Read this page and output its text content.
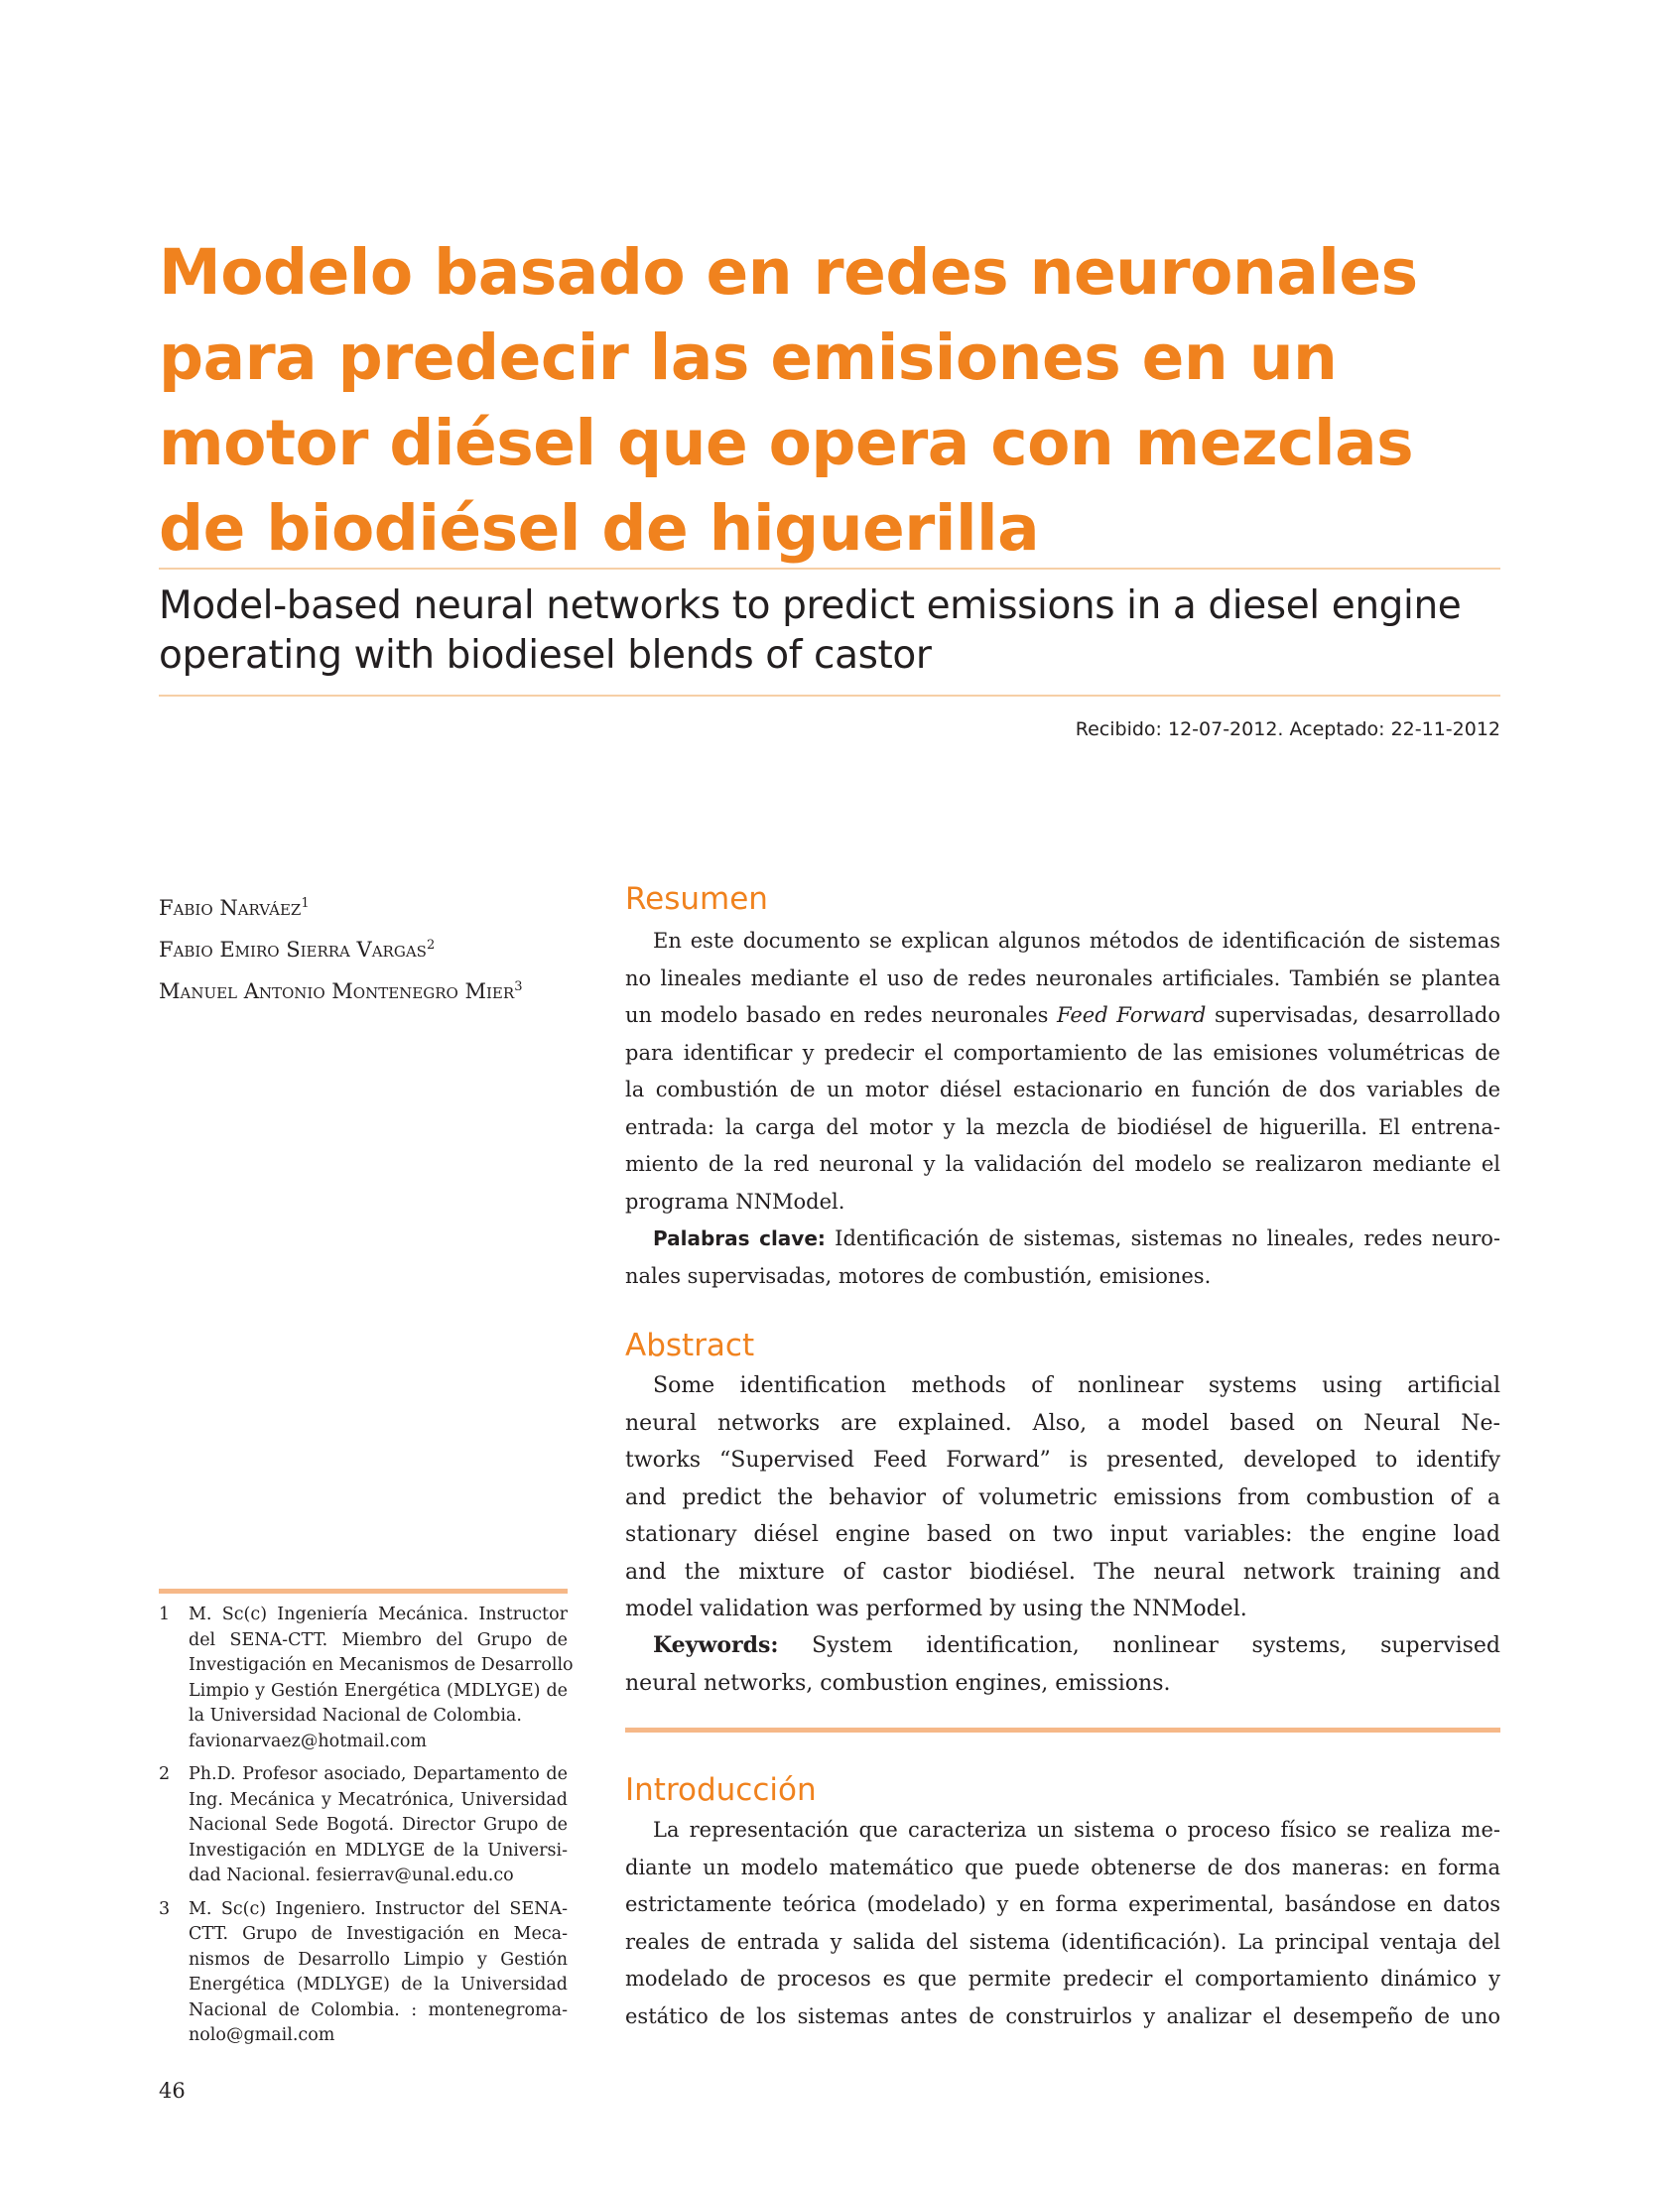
Modelo basado en redes neuronales
para predecir las emisiones en un
motor diésel que opera con mezclas
de biodiésel de higuerilla
Model-based neural networks to predict emissions in a diesel engine
operating with biodiesel blends of castor
Recibido: 12-07-2012. Aceptado: 22-11-2012
Fabio Narváez$^1$
Fabio Emiro Sierra Vargas$^2$
Manuel Antonio Montenegro Mier$^3$
Resumen

En este documento se explican algunos métodos de identificación de sistemas
no lineales mediante el uso de redes neuronales artificiales. También se plantea
un modelo basado en redes neuronales Feed Forward supervisadas, desarrollado
para identificar y predecir el comportamiento de las emisiones volumétricas de
la combustión de un motor diésel estacionario en función de dos variables de
entrada: la carga del motor y la mezcla de biodiésel de higuerilla. El entrena-
miento de la red neuronal y la validación del modelo se realizaron mediante el
programa NNModel.

Palabras clave: Identificación de sistemas, sistemas no lineales, redes neuro-
nales supervisadas, motores de combustión, emisiones.

Abstract

Some identification methods of nonlinear systems using artificial
neural networks are explained. Also, a model based on Neural Ne-
tworks “Supervised Feed Forward” is presented, developed to identify
and predict the behavior of volumetric emissions from combustion of a
stationary diésel engine based on two input variables: the engine load
and the mixture of castor biodiésel. The neural network training and
model validation was performed by using the NNModel.

Keywords: System identification, nonlinear systems, supervised
neural networks, combustion engines, emissions.

Introducción

La representación que caracteriza un sistema o proceso físico se realiza me-
diante un modelo matemático que puede obtenerse de dos maneras: en forma
estrictamente teórica (modelado) y en forma experimental, basándose en datos
reales de entrada y salida del sistema (identificación). La principal ventaja del
modelado de procesos es que permite predecir el comportamiento dinámico y
estático de los sistemas antes de construirlos y analizar el desempeño de uno

1 M. Sc(c) Ingeniería Mecánica. Instructor
del SENA-CTT. Miembro del Grupo de
Investigación en Mecanismos de Desarrollo
Limpio y Gestión Energética (MDLYGE) de
la Universidad Nacional de Colombia.
favionarvaez@hotmail.com
2 Ph.D. Profesor asociado, Departamento de
Ing. Mecánica y Mecatrónica, Universidad
Nacional Sede Bogotá. Director Grupo de
Investigación en MDLYGE de la Universi-
dad Nacional. fesierrav@unal.edu.co
3 M. Sc(c) Ingeniero. Instructor del SENA-
CTT. Grupo de Investigación en Meca-
nismos de Desarrollo Limpio y Gestión
Energética (MDLYGE) de la Universidad
Nacional de Colombia. : montenegroma-
nolo@gmail.com
46
